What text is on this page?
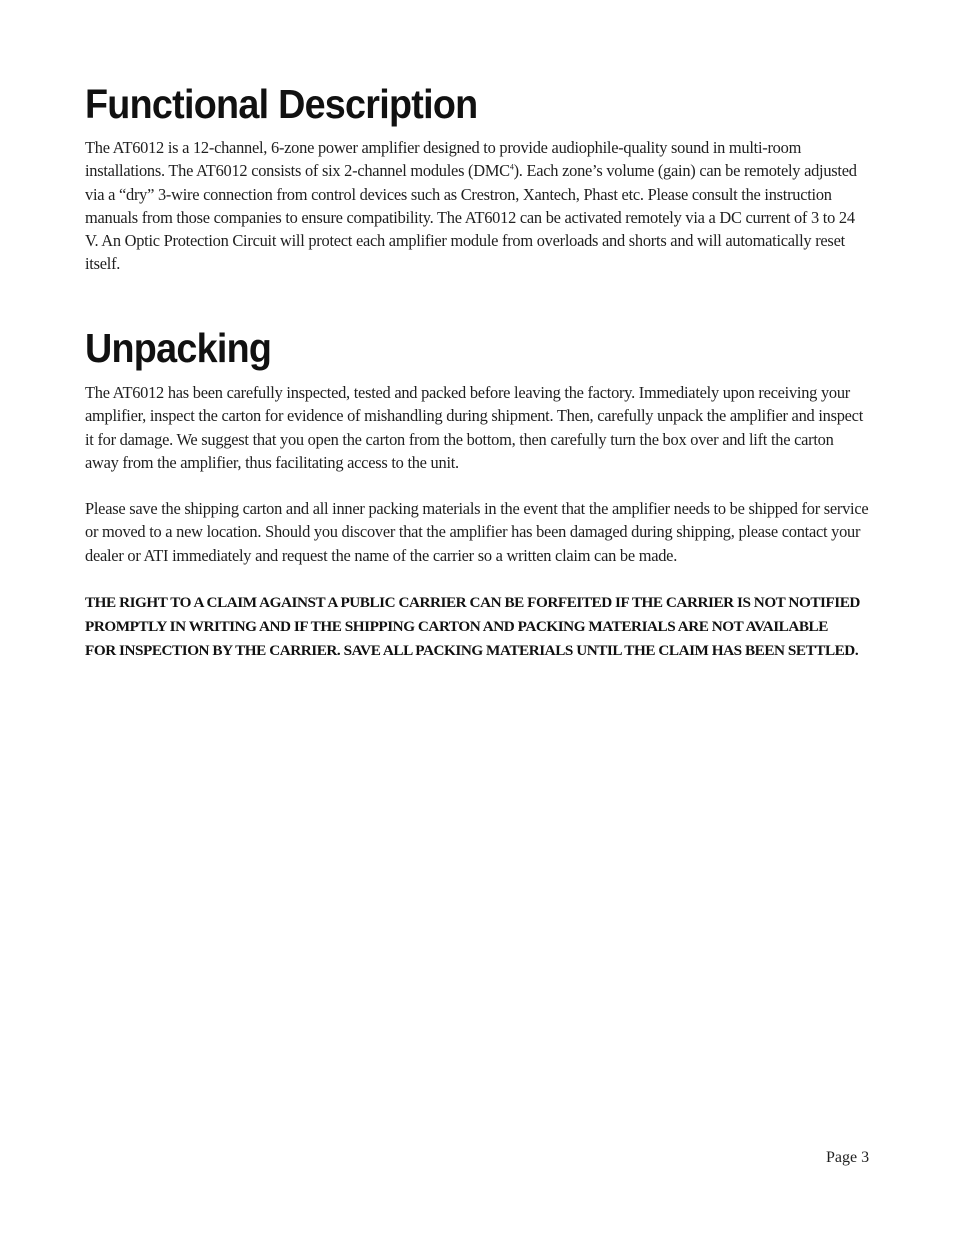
Functional Description

The AT6012 is a 12-channel, 6-zone power amplifier designed to provide audiophile-quality sound in multi-room installations. The AT6012 consists of six 2-channel modules (DMC$^4$). Each zone’s volume (gain) can be remotely adjusted via a “dry” 3-wire connection from control devices such as Crestron, Xantech, Phast etc. Please consult the instruction manuals from those companies to ensure compatibility. The AT6012 can be activated remotely via a DC current of 3 to 24 V. An Optic Protection Circuit will protect each amplifier module from overloads and shorts and will automatically reset itself.

Unpacking

The AT6012 has been carefully inspected, tested and packed before leaving the factory. Immediately upon receiving your amplifier, inspect the carton for evidence of mishandling during shipment. Then, carefully unpack the amplifier and inspect it for damage. We suggest that you open the carton from the bottom, then carefully turn the box over and lift the carton away from the amplifier, thus facilitating access to the unit.

Please save the shipping carton and all inner packing materials in the event that the amplifier needs to be shipped for service or moved to a new location. Should you discover that the amplifier has been damaged during shipping, please contact your dealer or ATI immediately and request the name of the carrier so a written claim can be made.

THE RIGHT TO A CLAIM AGAINST A PUBLIC CARRIER CAN BE FORFEITED IF THE CARRIER IS NOT NOTIFIED
PROMPTLY IN WRITING AND IF THE SHIPPING CARTON AND PACKING MATERIALS ARE NOT AVAILABLE
FOR INSPECTION BY THE CARRIER. SAVE ALL PACKING MATERIALS UNTIL THE CLAIM HAS BEEN SETTLED.
Page 3
